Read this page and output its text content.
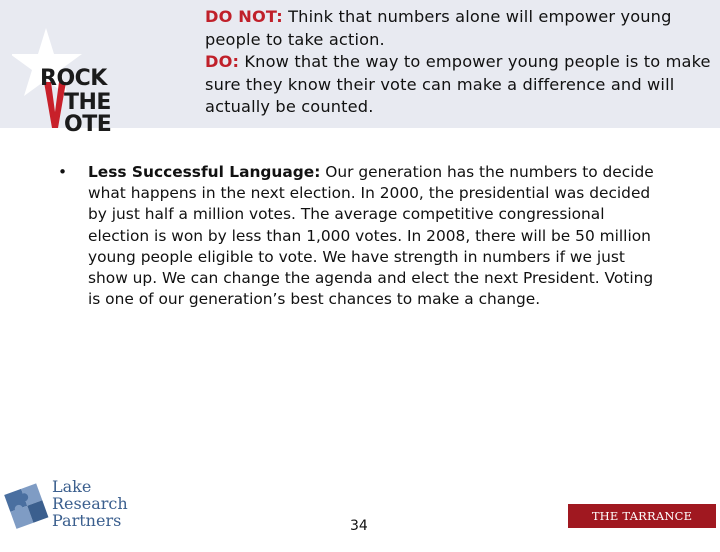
ROCK
THE
OTE
DO NOT: Think that numbers alone will empower young people to take action.
DO: Know that the way to empower young people is to make sure they know their vote can make a difference and will actually be counted.
• Less Successful Language: Our generation has the numbers to decide what happens in the next election. In 2000, the presidential was decided by just half a million votes. The average competitive congressional election is won by less than 1,000 votes. In 2008, there will be 50 million young people eligible to vote. We have strength in numbers if we just show up. We can change the agenda and elect the next President. Voting is one of our generation’s best chances to make a change.
Lake
Research
Partners	34
THE TARRANCE GROUP
